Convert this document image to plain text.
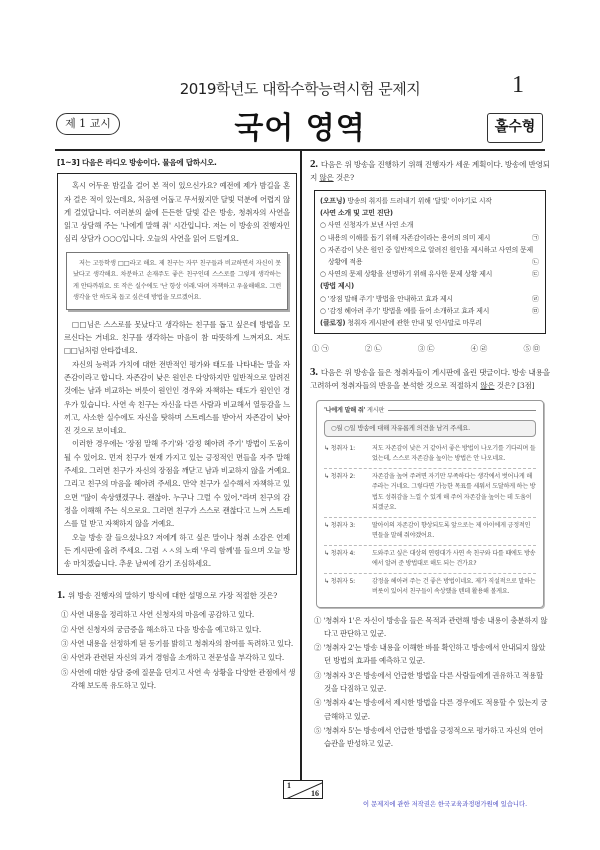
2019학년도 대학수학능력시험 문제지	1
제 1 교시	국어 영역	홀수형
[1~3] 다음은 라디오 방송이다. 물음에 답하시오.

혹시 어두운 밤길을 걸어 본 적이 있으신가요? 예전에 제가 밤길을 혼자 걸은 적이 있는데요, 처음엔 어둡고 무서웠지만 달빛 덕분에 어렵지 않게 걸었답니다. 여러분의 삶에 든든한 달빛 같은 방송, 청취자의 사연을 읽고 상담해 주는 '나에게 말해 줘' 시간입니다. 저는 이 방송의 진행자인 심리 상담가 ○○○입니다. 오늘의 사연을 읽어 드릴게요.

저는 고등학생 □□라고 해요. 제 친구는 자꾸 친구들과 비교하면서 자신이 못났다고 생각해요. 차분하고 손재주도 좋은 친구인데 스스로를 그렇게 생각하는 게 안타까워요. 또 작은 실수에도 '난 항상 이래.'라며 자책하고 우울해해요. 그런 생각을 안 하도록 돕고 싶은데 방법을 모르겠어요.

□□님은 스스로를 못났다고 생각하는 친구를 돕고 싶은데 방법을 모르신다는 거네요. 친구를 생각하는 마음이 참 따뜻하게 느껴져요. 저도 □□님처럼 안타깝네요.

자신의 능력과 가치에 대한 전반적인 평가와 태도를 나타내는 말을 자존감이라고 합니다. 자존감이 낮은 원인은 다양하지만 일반적으로 알려진 것에는 남과 비교하는 버릇이 원인인 경우와 자책하는 태도가 원인인 경우가 있습니다. 사연 속 친구는 자신을 다른 사람과 비교해서 열등감을 느끼고, 사소한 실수에도 자신을 탓하며 스트레스를 받아서 자존감이 낮아진 것으로 보이네요.

이러한 경우에는 '장점 말해 주기'와 '감정 헤아려 주기' 방법이 도움이 될 수 있어요. 먼저 친구가 현재 가지고 있는 긍정적인 면들을 자주 말해 주세요. 그러면 친구가 자신의 장점을 깨닫고 남과 비교하지 않을 거예요. 그리고 친구의 마음을 헤아려 주세요. 만약 친구가 실수해서 자책하고 있으면 "많이 속상했겠구나. 괜찮아. 누구나 그럴 수 있어."라며 친구의 감정을 이해해 주는 식으로요. 그러면 친구가 스스로 괜찮다고 느껴 스트레스를 덜 받고 자책하지 않을 거예요.

오늘 방송 잘 들으셨나요? 저에게 하고 싶은 말이나 청취 소감은 언제든 게시판에 올려 주세요. 그럼 ㅅㅅ의 노래 '우리 함께'를 들으며 오늘 방송 마치겠습니다. 추운 날씨에 감기 조심하세요.

1. 위 방송 진행자의 말하기 방식에 대한 설명으로 가장 적절한 것은?
① 사연 내용을 정리하고 사연 신청자의 마음에 공감하고 있다.
② 사연 신청자의 궁금증을 해소하고 다음 방송을 예고하고 있다.
③ 사연 내용을 선정하게 된 동기를 밝히고 청취자의 참여를 독려하고 있다.
④ 사연과 관련된 자신의 과거 경험을 소개하고 전문성을 부각하고 있다.
⑤ 사연에 대한 상담 중에 질문을 던지고 사연 속 상황을 다양한 관점에서 생각해 보도록 유도하고 있다.
2. 다음은 위 방송을 진행하기 위해 진행자가 세운 계획이다. 방송에 반영되지 않은 것은?
(오프닝) 방송의 취지를 드러내기 위해 '달빛' 이야기로 시작
(사연 소개 및 고민 진단)
○ 사연 신청자가 보낸 사연 소개
○ 내용의 이해를 돕기 위해 자존감이라는 용어의 의미 제시	㉠
○ 자존감이 낮은 원인 중 일반적으로 알려진 원인을 제시하고 사연의 문제 상황에 적용	㉡
○ 사연의 문제 상황을 선명하기 위해 유사한 문제 상황 제시	㉢
(방법 제시)
○ '장점 말해 주기' 방법을 안내하고 효과 제시	㉣
○ '감정 헤아려 주기' 방법을 예를 들어 소개하고 효과 제시	㉤
(클로징) 청취자 게시판에 관한 안내 및 인사말로 마무리
① ㉠	② ㉡	③ ㉢	④ ㉣	⑤ ㉤
3. 다음은 위 방송을 들은 청취자들이 게시판에 올린 댓글이다. 방송 내용을 고려하여 청취자들의 반응을 분석한 것으로 적절하지 않은 것은? [3점]
'나에게 말해 줘' 게시판
○월 ○일 방송에 대해 자유롭게 의견을 남겨 주세요.
↳ 청취자 1:	저도 자존감이 낮은 거 같아서 좋은 방법이 나오기를 기다리며 들었는데, 스스로 자존감을 높이는 방법은 안 나오네요.
↳ 청취자 2:	자존감을 높여 주려면 자기만 부족하다는 생각에서 벗어나게 해 주라는 거네요. 그렇다면 가능한 목표를 세워서 도달하게 하는 방법도 성취감을 느낄 수 있게 해 주어 자존감을 높이는 데 도움이 되겠군요.
↳ 청취자 3:	딸아이의 자존감이 향상되도록 앞으로는 제 아이에게 긍정적인 면들을 말해 줘야겠어요.
↳ 청취자 4:	도와주고 싶은 대상의 연령대가 사연 속 친구와 다를 때에도 방송에서 알려 준 방법대로 해도 되는 건가요?
↳ 청취자 5:	감정을 헤아려 주는 건 좋은 방법이네요. 제가 직설적으로 말하는 버릇이 있어서 친구들이 속상했을 텐데 활용해 볼게요.
① '청취자 1'은 자신이 방송을 들은 목적과 관련해 방송 내용이 충분하지 않다고 판단하고 있군.
② '청취자 2'는 방송 내용을 이해한 바를 확인하고 방송에서 안내되지 않았던 방법의 효과를 예측하고 있군.
③ '청취자 3'은 방송에서 언급한 방법을 다른 사람들에게 권유하고 적용할 것을 다짐하고 있군.
④ '청취자 4'는 방송에서 제시한 방법을 다른 경우에도 적용할 수 있는지 궁금해하고 있군.
⑤ '청취자 5'는 방송에서 언급한 방법을 긍정적으로 평가하고 자신의 언어 습관을 반성하고 있군.
1
16
이 문제지에 관한 저작권은 한국교육과정평가원에 있습니다.
